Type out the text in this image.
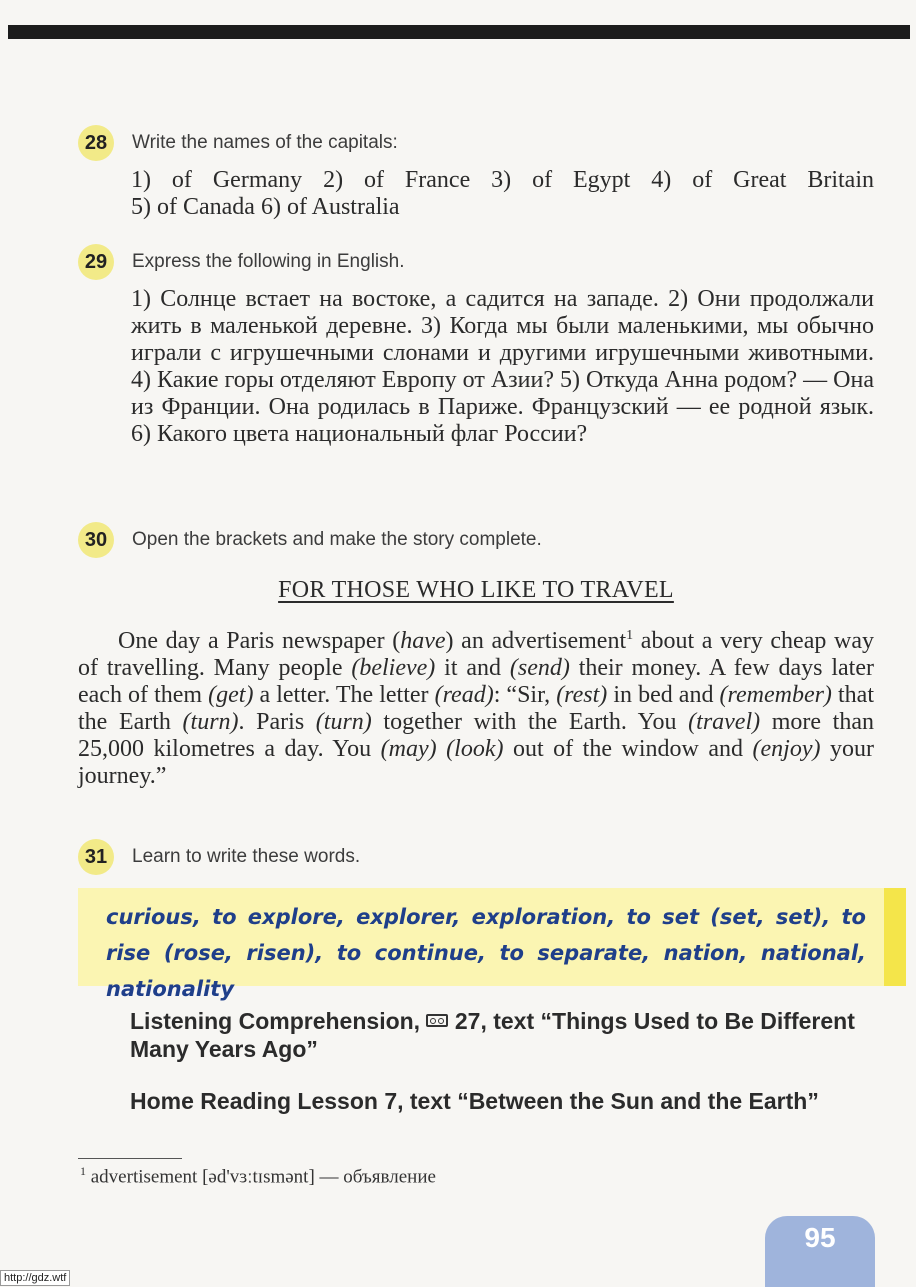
28	Write the names of the capitals:

1) of Germany 2) of France 3) of Egypt 4) of Great Britain

5) of Canada 6) of Australia

29	Express the following in English.

1) Солнце встает на востоке, а садится на западе. 2) Они продолжали жить в маленькой деревне. 3) Когда мы были маленькими, мы обычно играли с игрушечными слонами и другими игрушечными животными. 4) Какие горы отделяют Европу от Азии? 5) Откуда Анна родом? — Она из Франции. Она родилась в Париже. Французский — ее родной язык. 6) Какого цвета национальный флаг России?

30	Open the brackets and make the story complete.
FOR THOSE WHO LIKE TO TRAVEL

One day a Paris newspaper (have) an advertisement$^1$ about a very cheap way of travelling. Many people (believe) it and (send) their money. A few days later each of them (get) a letter. The letter (read): “Sir, (rest) in bed and (remember) that the Earth (turn). Paris (turn) together with the Earth. You (travel) more than 25,000 kilometres a day. You (may) (look) out of the window and (enjoy) your journey.”

31	Learn to write these words.
curious, to explore, explorer, exploration, to set (set, set), to rise (rose, risen), to continue, to separate, nation, national, nationality
Listening Comprehension, 27, text “Things Used to Be Different Many Years Ago”
Home Reading Lesson 7, text “Between the Sun and the Earth”
$^1$ advertisement [əd'vɜːtɪsmənt] — объявление
95
http://gdz.wtf
